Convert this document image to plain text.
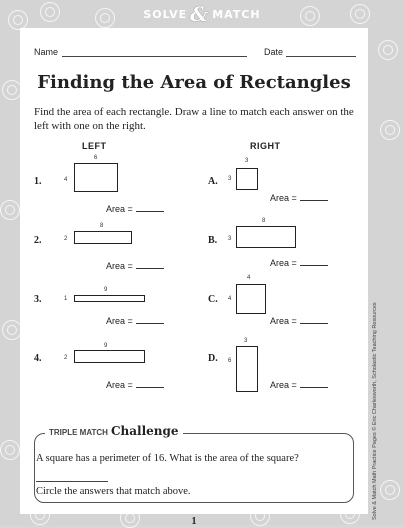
SOLVE & MATCH
Solve & Match Math Practice Pages © Eric Charlesworth, Scholastic Teaching Resources
Name	Date
Finding the Area of Rectangles
Find the area of each rectangle. Draw a line to match each answer on the left with one on the right.
LEFT	RIGHT
1.
6
4
Area =
2.
8
2
Area =
3.
9
1
Area =
4.
9
2
Area =
A.
3
3
Area =
B.
8
3
Area =
C.
4
4
Area =
D.
3
6
Area =
TRIPLE MATCH Challenge
A square has a perimeter of 16. What is the area of the square?
Circle the answers that match above.
1
